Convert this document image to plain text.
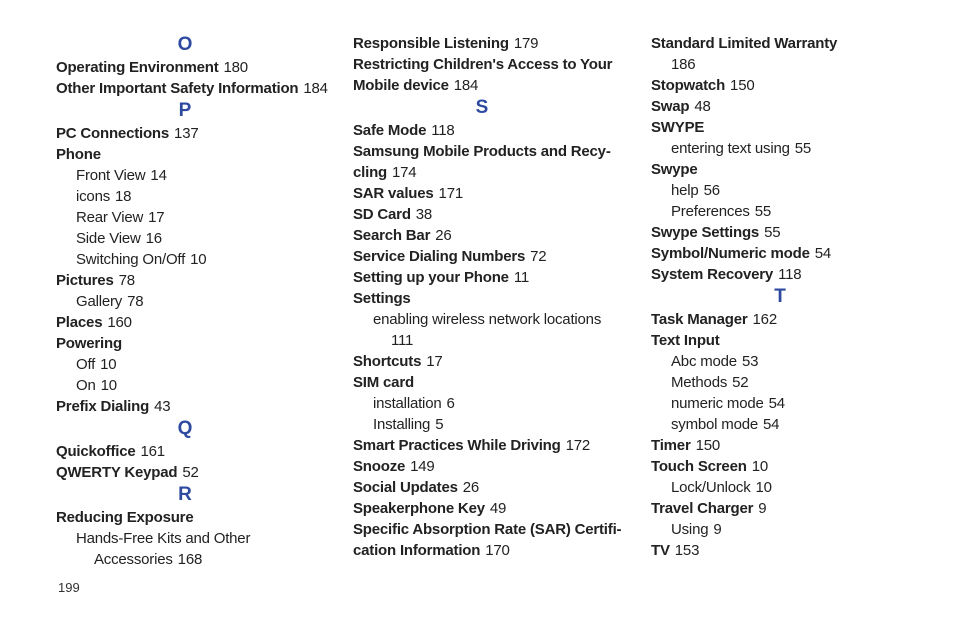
O
Operating Environment 180
Other Important Safety Information 184
P
PC Connections 137
Phone
Front View 14
icons 18
Rear View 17
Side View 16
Switching On/Off 10
Pictures 78
Gallery 78
Places 160
Powering
Off 10
On 10
Prefix Dialing 43
Q
Quickoffice 161
QWERTY Keypad 52
R
Reducing Exposure
Hands-Free Kits and Other
Accessories 168
Responsible Listening 179
Restricting Children's Access to Your
Mobile device 184
S
Safe Mode 118
Samsung Mobile Products and Recy-
cling 174
SAR values 171
SD Card 38
Search Bar 26
Service Dialing Numbers 72
Setting up your Phone 11
Settings
enabling wireless network locations
111
Shortcuts 17
SIM card
installation 6
Installing 5
Smart Practices While Driving 172
Snooze 149
Social Updates 26
Speakerphone Key 49
Specific Absorption Rate (SAR) Certifi-
cation Information 170
Standard Limited Warranty
186
Stopwatch 150
Swap 48
SWYPE
entering text using 55
Swype
help 56
Preferences 55
Swype Settings 55
Symbol/Numeric mode 54
System Recovery 118
T
Task Manager 162
Text Input
Abc mode 53
Methods 52
numeric mode 54
symbol mode 54
Timer 150
Touch Screen 10
Lock/Unlock 10
Travel Charger 9
Using 9
TV 153
199
